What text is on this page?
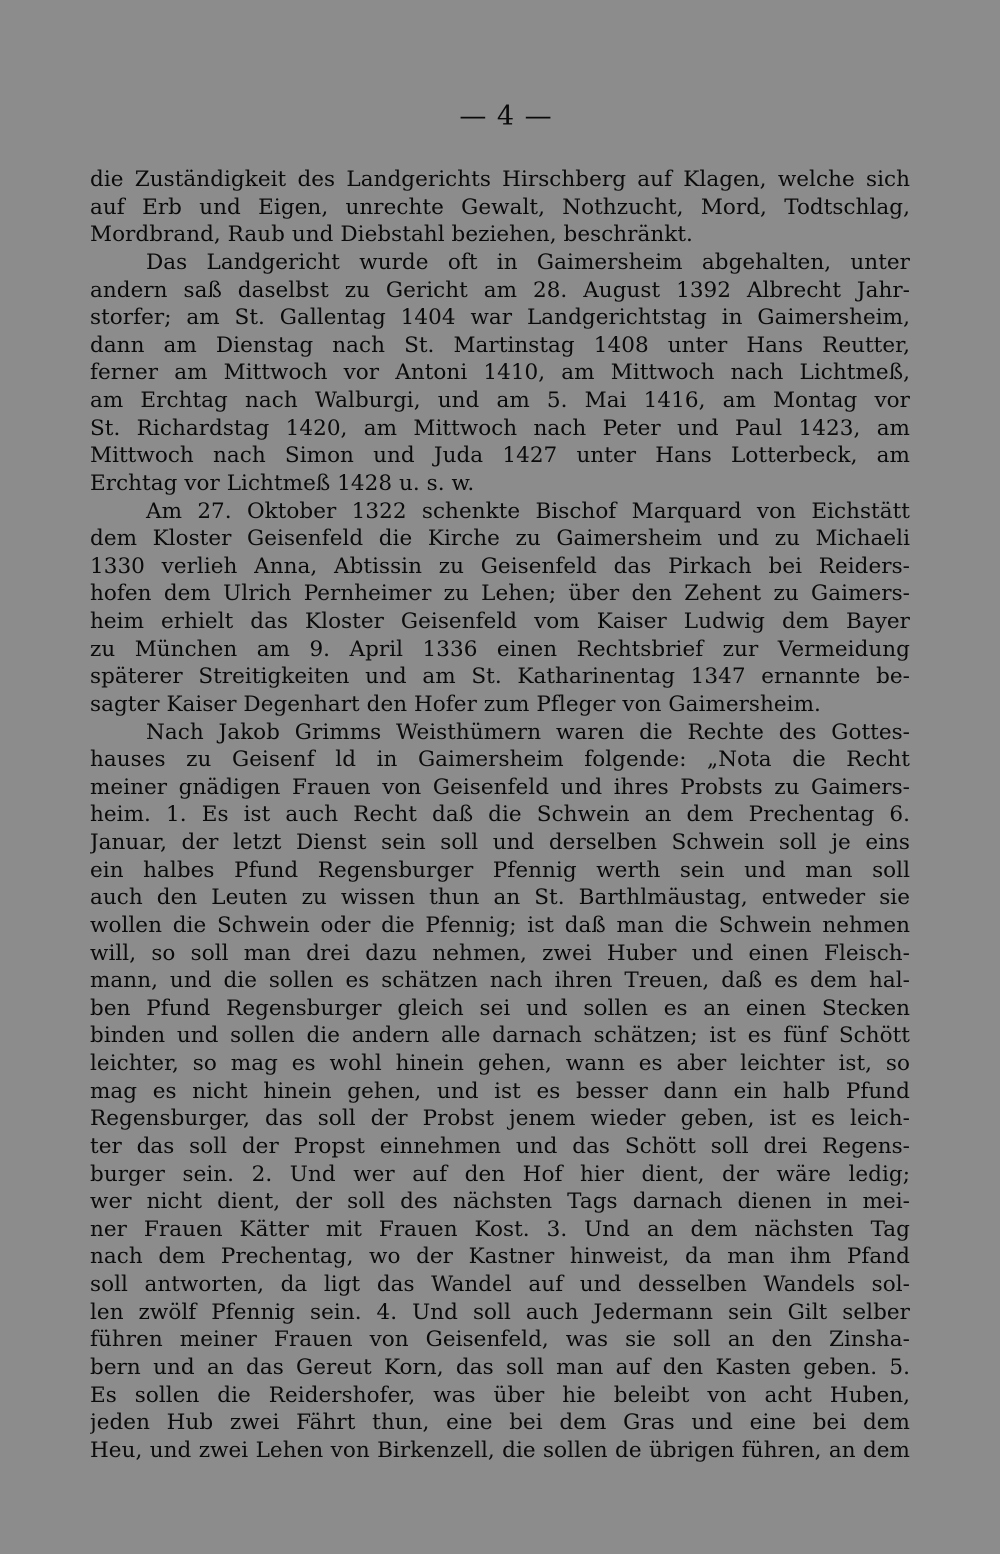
— 4 —
die Zuständigkeit des Landgerichts Hirschberg auf Klagen, welche sich
auf Erb und Eigen, unrechte Gewalt, Nothzucht, Mord, Todtschlag,
Mordbrand, Raub und Diebstahl beziehen, beschränkt.
Das Landgericht wurde oft in Gaimersheim abgehalten, unter
andern saß daselbst zu Gericht am 28. August 1392 Albrecht Jahr-
storfer; am St. Gallentag 1404 war Landgerichtstag in Gaimersheim,
dann am Dienstag nach St. Martinstag 1408 unter Hans Reutter,
ferner am Mittwoch vor Antoni 1410, am Mittwoch nach Lichtmeß,
am Erchtag nach Walburgi, und am 5. Mai 1416, am Montag vor
St. Richardstag 1420, am Mittwoch nach Peter und Paul 1423, am
Mittwoch nach Simon und Juda 1427 unter Hans Lotterbeck, am
Erchtag vor Lichtmeß 1428 u. s. w.
Am 27. Oktober 1322 schenkte Bischof Marquard von Eichstätt
dem Kloster Geisenfeld die Kirche zu Gaimersheim und zu Michaeli
1330 verlieh Anna, Abtissin zu Geisenfeld das Pirkach bei Reiders-
hofen dem Ulrich Pernheimer zu Lehen; über den Zehent zu Gaimers-
heim erhielt das Kloster Geisenfeld vom Kaiser Ludwig dem Bayer
zu München am 9. April 1336 einen Rechtsbrief zur Vermeidung
späterer Streitigkeiten und am St. Katharinentag 1347 ernannte be-
sagter Kaiser Degenhart den Hofer zum Pfleger von Gaimersheim.
Nach Jakob Grimms Weisthümern waren die Rechte des Gottes-
hauses zu Geisenf ld in Gaimersheim folgende: „Nota die Recht
meiner gnädigen Frauen von Geisenfeld und ihres Probsts zu Gaimers-
heim. 1. Es ist auch Recht daß die Schwein an dem Prechentag 6.
Januar, der letzt Dienst sein soll und derselben Schwein soll je eins
ein halbes Pfund Regensburger Pfennig werth sein und man soll
auch den Leuten zu wissen thun an St. Barthlmäustag, entweder sie
wollen die Schwein oder die Pfennig; ist daß man die Schwein nehmen
will, so soll man drei dazu nehmen, zwei Huber und einen Fleisch-
mann, und die sollen es schätzen nach ihren Treuen, daß es dem hal-
ben Pfund Regensburger gleich sei und sollen es an einen Stecken
binden und sollen die andern alle darnach schätzen; ist es fünf Schött
leichter, so mag es wohl hinein gehen, wann es aber leichter ist, so
mag es nicht hinein gehen, und ist es besser dann ein halb Pfund
Regensburger, das soll der Probst jenem wieder geben, ist es leich-
ter das soll der Propst einnehmen und das Schött soll drei Regens-
burger sein. 2. Und wer auf den Hof hier dient, der wäre ledig;
wer nicht dient, der soll des nächsten Tags darnach dienen in mei-
ner Frauen Kätter mit Frauen Kost. 3. Und an dem nächsten Tag
nach dem Prechentag, wo der Kastner hinweist, da man ihm Pfand
soll antworten, da ligt das Wandel auf und desselben Wandels sol-
len zwölf Pfennig sein. 4. Und soll auch Jedermann sein Gilt selber
führen meiner Frauen von Geisenfeld, was sie soll an den Zinsha-
bern und an das Gereut Korn, das soll man auf den Kasten geben. 5.
Es sollen die Reidershofer, was über hie beleibt von acht Huben,
jeden Hub zwei Fährt thun, eine bei dem Gras und eine bei dem
Heu, und zwei Lehen von Birkenzell, die sollen de übrigen führen, an dem
